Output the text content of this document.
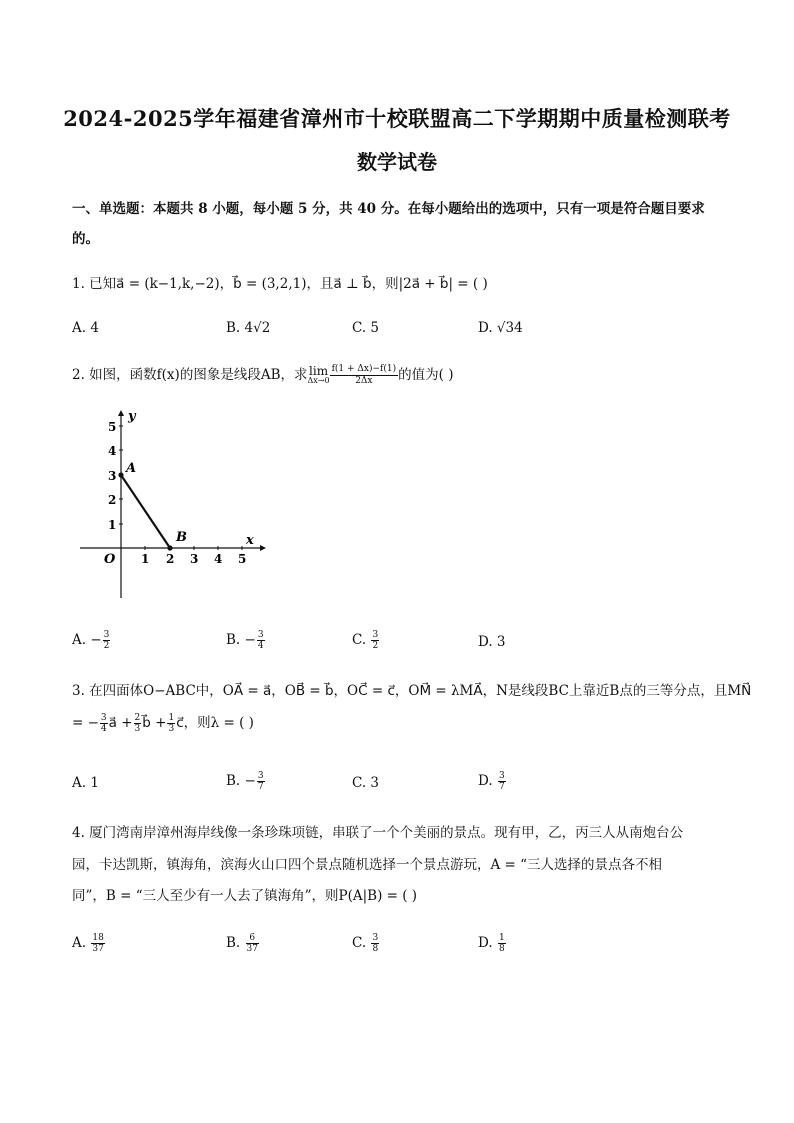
2024-2025学年福建省漳州市十校联盟高二下学期期中质量检测联考
数学试卷
一、单选题：本题共 8 小题，每小题 5 分，共 40 分。在每小题给出的选项中，只有一项是符合题目要求
的。
1. 已知a⃗ = (k−1,k,−2)，b⃗ = (3,2,1)，且a⃗ ⊥ b⃗，则|2a⃗ + b⃗| = ( )
A. 4	B. 4√2	C. 5	D. √34
2. 如图，函数f(x)的图象是线段AB，求 lim
$\Delta x\to 0 \frac{f(1 + \Delta x)-f(1)}{2\Delta x}$ 的值为( )
y
x
O
A
B
1
2
3
4
5
1 2 3 4 5
A. − $\frac{3}{2}$	B. − $\frac{3}{4}$	C. $\frac{3}{2}$	D. 3
3. 在四面体O−ABC中，OA⃗ = a⃗，OB⃗ = b⃗，OC⃗ = c⃗，OM⃗ = λMA⃗，N是线段BC上靠近B点的三等分点，且MN⃗
= − $\frac{3}{4}$ a⃗ + $\frac{2}{3}$ b⃗ + $\frac{1}{3}$ c⃗，则λ = ( )
A. 1	B. − $\frac{3}{7}$	C. 3	D. $\frac{3}{7}$
4. 厦门湾南岸漳州海岸线像一条珍珠项链，串联了一个个美丽的景点。现有甲，乙，丙三人从南炮台公
园，卡达凯斯，镇海角，滨海火山口四个景点随机选择一个景点游玩，A = “三人选择的景点各不相
同”，B = “三人至少有一人去了镇海角”，则P(A|B) = ( )
A. $\frac{18}{37}$	B. $\frac{6}{37}$	C. $\frac{3}{8}$	D. $\frac{1}{8}$
